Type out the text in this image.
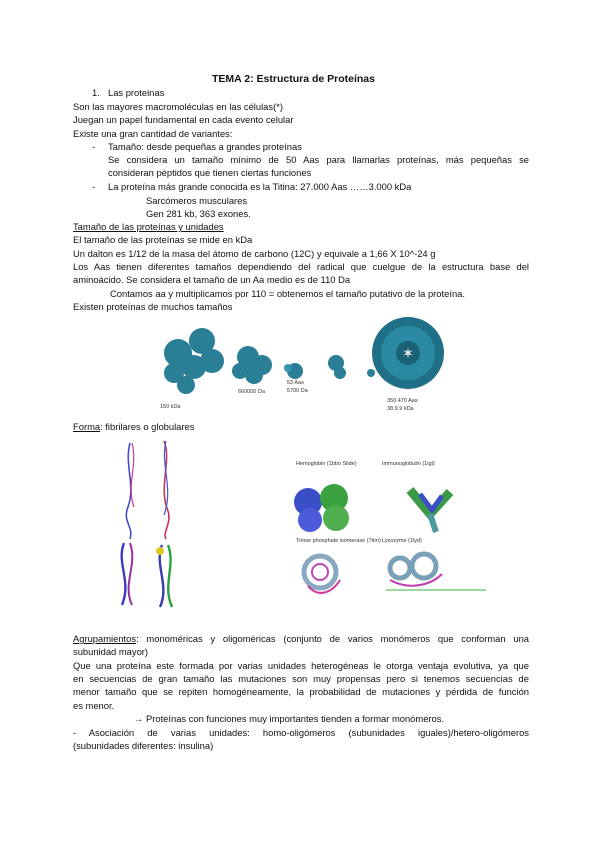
TEMA 2: Estructura de Proteínas
1. Las proteinas
Son las mayores macromoléculas en las células(*)
Juegan un papel fundamental en cada evento celular
Existe una gran cantidad de variantes:
- Tamaño: desde pequeñas a grandes proteínas
Se considera un tamaño mínimo de 50 Aas para llamarlas proteínas, más pequeñas se
consideran péptidos que tienen ciertas funciones
- La proteína más grande conocida es la Titina: 27.000 Aas ……3.000 kDa
Sarcómeros musculares
Gen 281 kb, 363 exones.
Tamaño de las proteínas y unidades
El tamaño de las proteínas se mide en kDa
Un dalton es 1/12 de la masa del átomo de carbono (12C) y equivale a 1,66 X 10^-24 g
Los Aas tienen diferentes tamaños dependiendo del radical que cuelgue de la estructura base del
aminoácido. Se considera el tamaño de un Aa medio es de 110 Da
Contamos aa y multiplicamos por 110 = obtenemos el tamaño putativo de la proteína.
Existen proteínas de muchos tamaños
✶
150 kDa
660000 Da
53 Aas
5700 Da
350.470 Aas
38.9.9 kDa
Forma: fibrilares o globulares
Hemoglobin (1bbo Slide)	Immunoglobulin (1igt)
Triose phosphate isomerase (7tim) Lysozyme (1lyd)
Agrupamientos: monoméricas y oligoméricas (conjunto de varios monómeros que conforman una
subunidad mayor)
Que una proteína este formada por varias unidades heterogéneas le otorga ventaja evolutiva, ya que
en secuencias de gran tamaño las mutaciones son muy propensas pero si tenemos secuencias de
menor tamaño que se repiten homogéneamente, la probabilidad de mutaciones y pérdida de función
es menor.
→ Proteínas con funciones muy importantes tienden a formar monómeros.
- Asociación de varias unidades: homo-oligómeros (subunidades iguales)/hetero-oligómeros
(subunidades diferentes: insulina)
